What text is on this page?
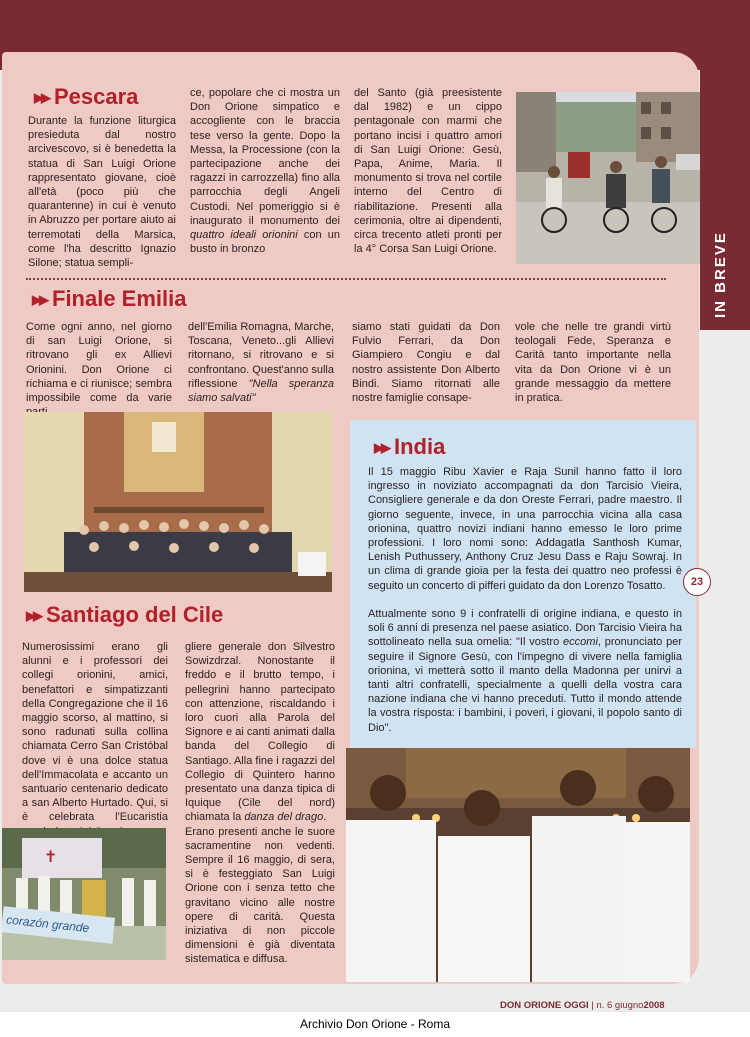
IN BREVE
▶▶ Pescara

Durante la funzione liturgica presieduta dal nostro arcivescovo, si è benedetta la statua di San Luigi Orione rappresentato giovane, cioè all'età (poco più che quarantenne) in cui è venuto in Abruzzo per portare aiuto ai terremotati della Marsica, come l'ha descritto Ignazio Silone; statua sempli-

ce, popolare che ci mostra un Don Orione simpatico e accogliente con le braccia tese verso la gente. Dopo la Messa, la Processione (con la partecipazione anche dei ragazzi in carrozzella) fino alla parrocchia degli Angeli Custodi. Nel pomeriggio si è inaugurato il monumento dei quattro ideali orionini con un busto in bronzo

del Santo (già preesistente dal 1982) e un cippo pentagonale con marmi che portano incisi i quattro amori di San Luigi Orione: Gesù, Papa, Anime, Maria. Il monumento si trova nel cortile interno del Centro di riabilitazione. Presenti alla cerimonia, oltre ai dipendenti, circa trecento atleti pronti per la 4° Corsa San Luigi Orione.

▶▶ Finale Emilia

Come ogni anno, nel giorno di san Luigi Orione, si ritrovano gli ex Allievi Orionini. Don Orione ci richiama e ci riunisce; sembra impossibile come da varie

dell'Emilia Romagna, Marche, Toscana, Veneto...gli Allievi ritornano, si ritrovano e si confrontano. Quest'anno sulla riflessione "Nella speranza siamo salvati"

siamo stati guidati da Don Fulvio Ferrari, da Don Giampiero Congiu e dal nostro assistente Don Alberto Bindi. Siamo ritornati alle nostre famiglie consape-

vole che nelle tre grandi virtù teologali Fede, Speranza e Carità tanto importante nella vita da Don Orione vi è un grande messaggio da mettere in pratica.

▶▶ Santiago del Cile

Numerosissimi erano gli alunni e i professori dei collegi orionini, amici, benefattori e simpatizzanti della Congregazione che il 16 maggio scorso, al mattino, si sono radunati sulla collina chiamata Cerro San Cristóbal dove vi è una dolce statua dell'Immacolata e accanto un santuario centenario dedicato a san Alberto Hurtado. Qui, si è celebrata l'Eucaristia

gliere generale don Silvestro Sowizdrzal. Nonostante il freddo e il brutto tempo, i pellegrini hanno partecipato con attenzione, riscaldando i loro cuori alla Parola del Signore e ai canti animati dalla banda del Collegio di Santiago. Alla fine i ragazzi del Collegio di Quintero hanno presentato una danza tipica di Iquique (Cile del nord) chiamata la danza del drago.
Erano presenti anche le suore sacramentine non vedenti. Sempre il 16 maggio, di sera, si è festeggiato San Luigi Orione con i senza tetto che gravitano vicino alle nostre opere di carità. Questa iniziativa di non piccole dimensioni è già diventata sistematica e diffusa.
✝
corazón grande
▶▶ India

Il 15 maggio Ribu Xavier e Raja Sunil hanno fatto il loro ingresso in noviziato accompagnati da don Tarcisio Vieira, Consigliere generale e da don Oreste Ferrari, padre maestro. Il giorno seguente, invece, in una parrocchia vicina alla casa orionina, quattro novizi indiani hanno emesso le loro prime professioni. I loro nomi sono: Addagatla Santhosh Kumar, Lenish Puthussery, Anthony Cruz Jesu Dass e Raju Sowraj. In un clima di grande gioia per la festa dei quattro neo professi è seguito un concerto di pifferi guidato da don Lorenzo Tosatto.

Attualmente sono 9 i confratelli di origine indiana, e questo in soli 6 anni di presenza nel paese asiatico. Don Tarcisio Vieira ha sottolineato nella sua omelia: "Il vostro eccomi, pronunciato per seguire il Signore Gesù, con l'impegno di vivere nella famiglia orionina, vi metterà sotto il manto della Madonna per unirvi a tanti altri confratelli, specialmente a quelli della vostra cara nazione indiana che vi hanno preceduti. Tutto il mondo attende la vostra risposta: i bambini, i poveri, i giovani, il popolo santo di Dio".

23
DON ORIONE OGGI | n. 6 giugno2008
Archivio Don Orione - Roma
